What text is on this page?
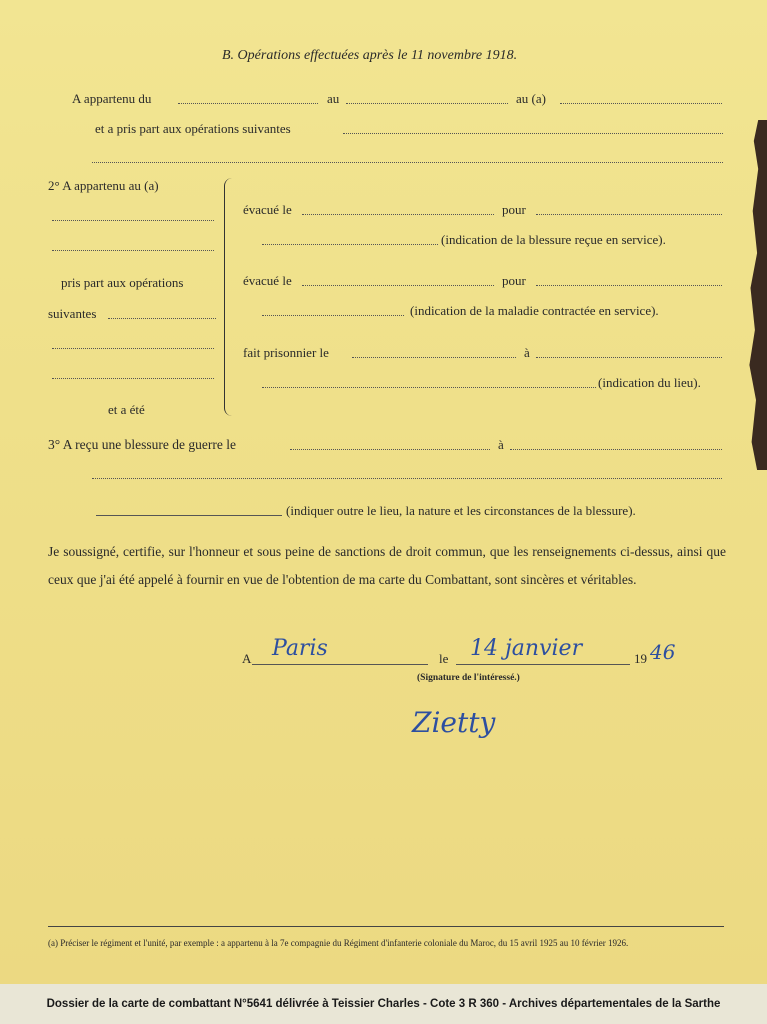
B. Opérations effectuées après le 11 novembre 1918.
A appartenu du	au	au (a)
et a pris part aux opérations suivantes
2° A appartenu au (a)
pris part aux opérations
suivantes
et a été
évacué le	pour
(indication de la blessure reçue en service).
évacué le	pour
(indication de la maladie contractée en service).
fait prisonnier le	à
(indication du lieu).
3° A reçu une blessure de guerre le	à
(indiquer outre le lieu, la nature et les circonstances de la blessure).
Je soussigné, certifie, sur l'honneur et sous peine de sanctions de droit commun, que les renseignements ci-dessus, ainsi que ceux que j'ai été appelé à fournir en vue de l'obtention de ma carte du Combattant, sont sincères et véritables.
A Paris	le 14 janvier	19 46
(Signature de l'intéressé.)
Zietty
(a) Préciser le régiment et l'unité, par exemple : a appartenu à la 7e compagnie du Régiment d'infanterie coloniale du Maroc, du 15 avril 1925 au 10 février 1926.
Dossier de la carte de combattant N°5641 délivrée à Teissier Charles - Cote 3 R 360 - Archives départementales de la Sarthe
